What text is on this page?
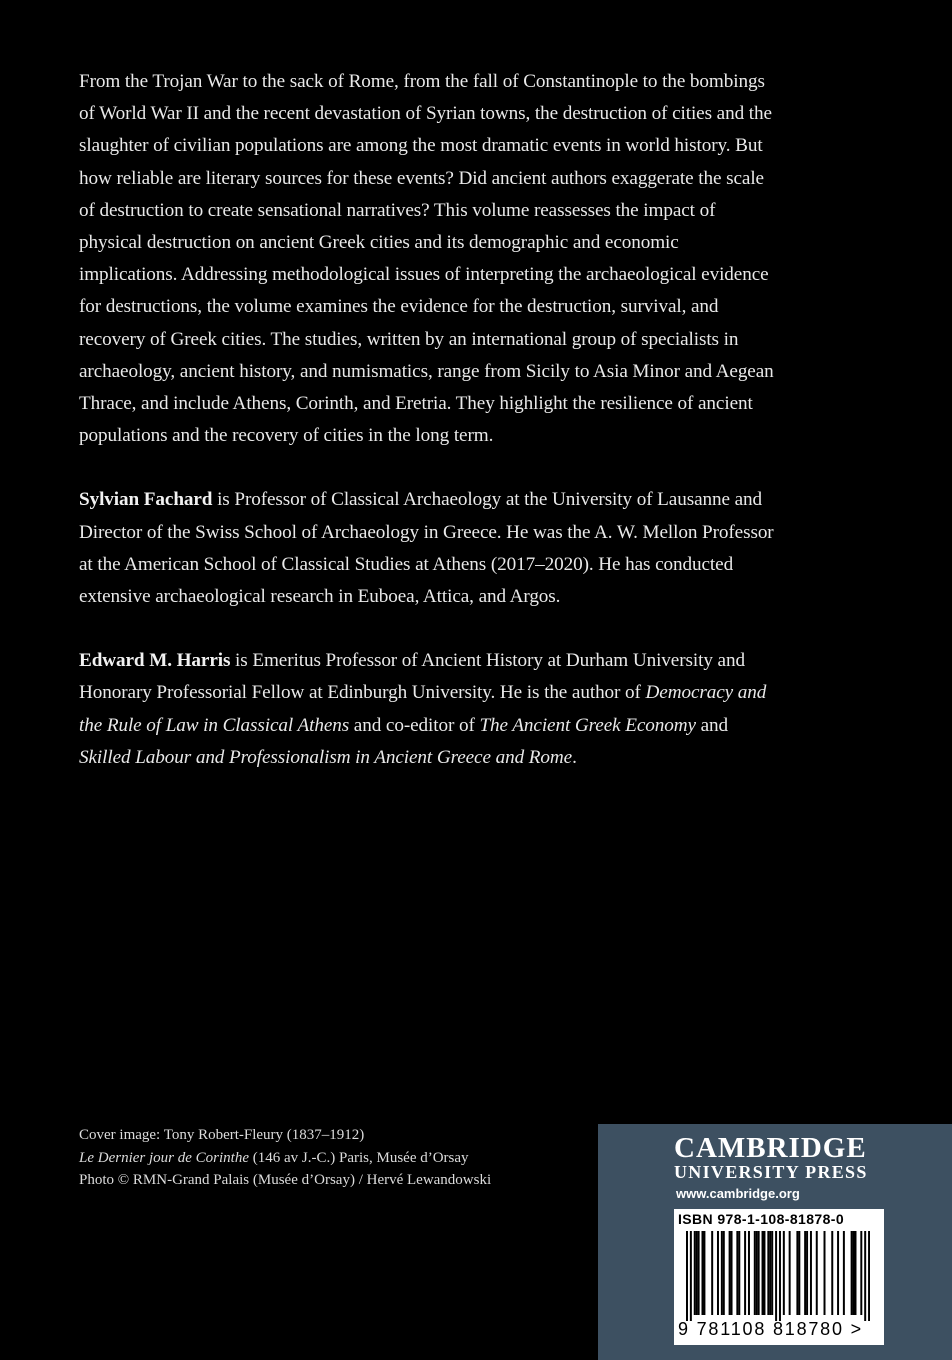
From the Trojan War to the sack of Rome, from the fall of Constantinople to the bombings of World War II and the recent devastation of Syrian towns, the destruction of cities and the slaughter of civilian populations are among the most dramatic events in world history. But how reliable are literary sources for these events? Did ancient authors exaggerate the scale of destruction to create sensational narratives? This volume reassesses the impact of physical destruction on ancient Greek cities and its demographic and economic implications. Addressing methodological issues of interpreting the archaeological evidence for destructions, the volume examines the evidence for the destruction, survival, and recovery of Greek cities. The studies, written by an international group of specialists in archaeology, ancient history, and numismatics, range from Sicily to Asia Minor and Aegean Thrace, and include Athens, Corinth, and Eretria. They highlight the resilience of ancient populations and the recovery of cities in the long term.

Sylvian Fachard is Professor of Classical Archaeology at the University of Lausanne and Director of the Swiss School of Archaeology in Greece. He was the A. W. Mellon Professor at the American School of Classical Studies at Athens (2017–2020). He has conducted extensive archaeological research in Euboea, Attica, and Argos.

Edward M. Harris is Emeritus Professor of Ancient History at Durham University and Honorary Professorial Fellow at Edinburgh University. He is the author of Democracy and the Rule of Law in Classical Athens and co-editor of The Ancient Greek Economy and Skilled Labour and Professionalism in Ancient Greece and Rome.

Cover image: Tony Robert-Fleury (1837–1912)
Le Dernier jour de Corinthe (146 av J.-C.) Paris, Musée d’Orsay
Photo © RMN-Grand Palais (Musée d’Orsay) / Hervé Lewandowski
CAMBRIDGE
UNIVERSITY PRESS
www.cambridge.org
ISBN 978-1-108-81878-0
9 781108 818780 >
